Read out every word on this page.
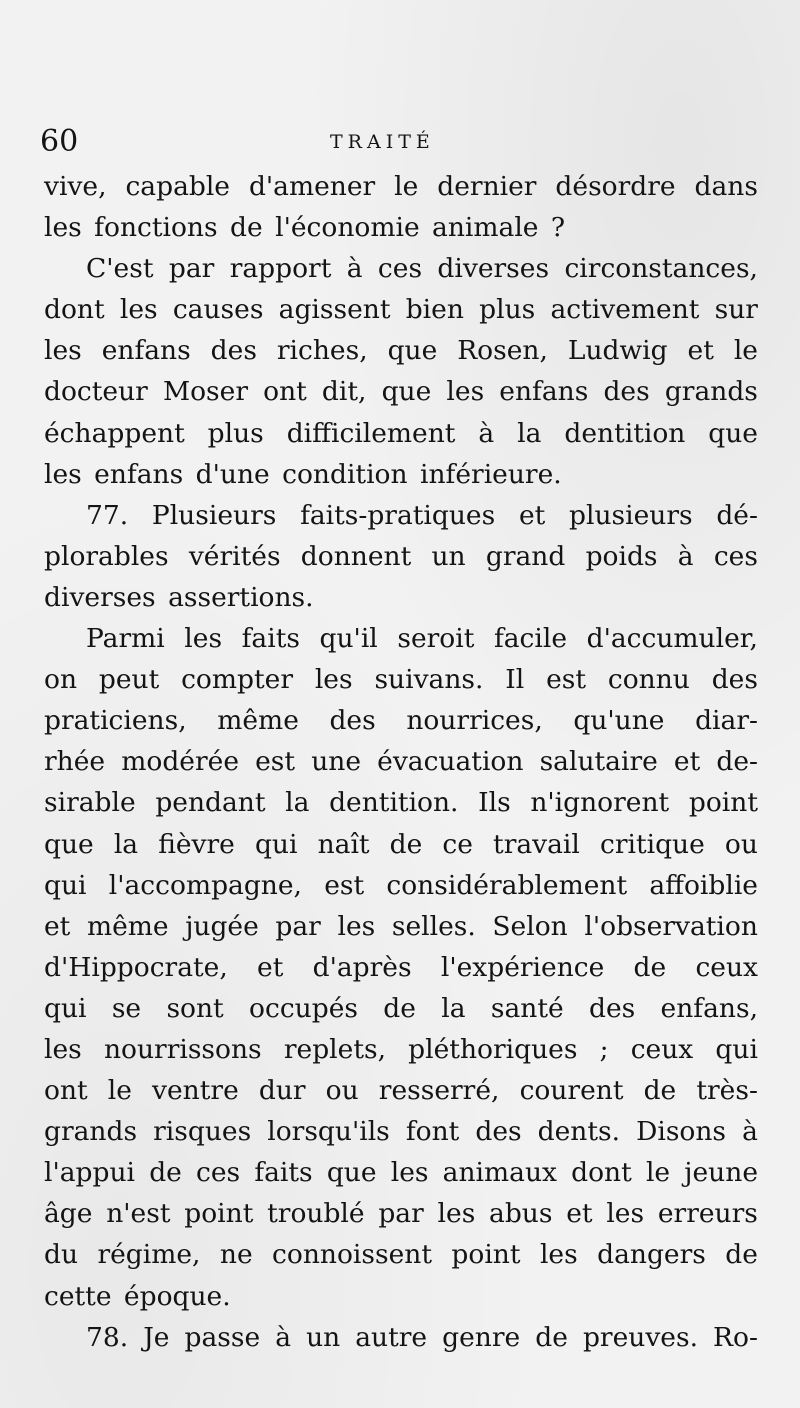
60	TRAITÉ
vive, capable d'amener le dernier désordre dans
les fonctions de l'économie animale ?
C'est par rapport à ces diverses circonstances,
dont les causes agissent bien plus activement sur
les enfans des riches, que Rosen, Ludwig et le
docteur Moser ont dit, que les enfans des grands
échappent plus difficilement à la dentition que
les enfans d'une condition inférieure.
77. Plusieurs faits-pratiques et plusieurs dé-
plorables vérités donnent un grand poids à ces
diverses assertions.
Parmi les faits qu'il seroit facile d'accumuler,
on peut compter les suivans. Il est connu des
praticiens, même des nourrices, qu'une diar-
rhée modérée est une évacuation salutaire et de-
sirable pendant la dentition. Ils n'ignorent point
que la fièvre qui naît de ce travail critique ou
qui l'accompagne, est considérablement affoiblie
et même jugée par les selles. Selon l'observation
d'Hippocrate, et d'après l'expérience de ceux
qui se sont occupés de la santé des enfans,
les nourrissons replets, pléthoriques ; ceux qui
ont le ventre dur ou resserré, courent de très-
grands risques lorsqu'ils font des dents. Disons à
l'appui de ces faits que les animaux dont le jeune
âge n'est point troublé par les abus et les erreurs
du régime, ne connoissent point les dangers de
cette époque.
78. Je passe à un autre genre de preuves. Ro-
